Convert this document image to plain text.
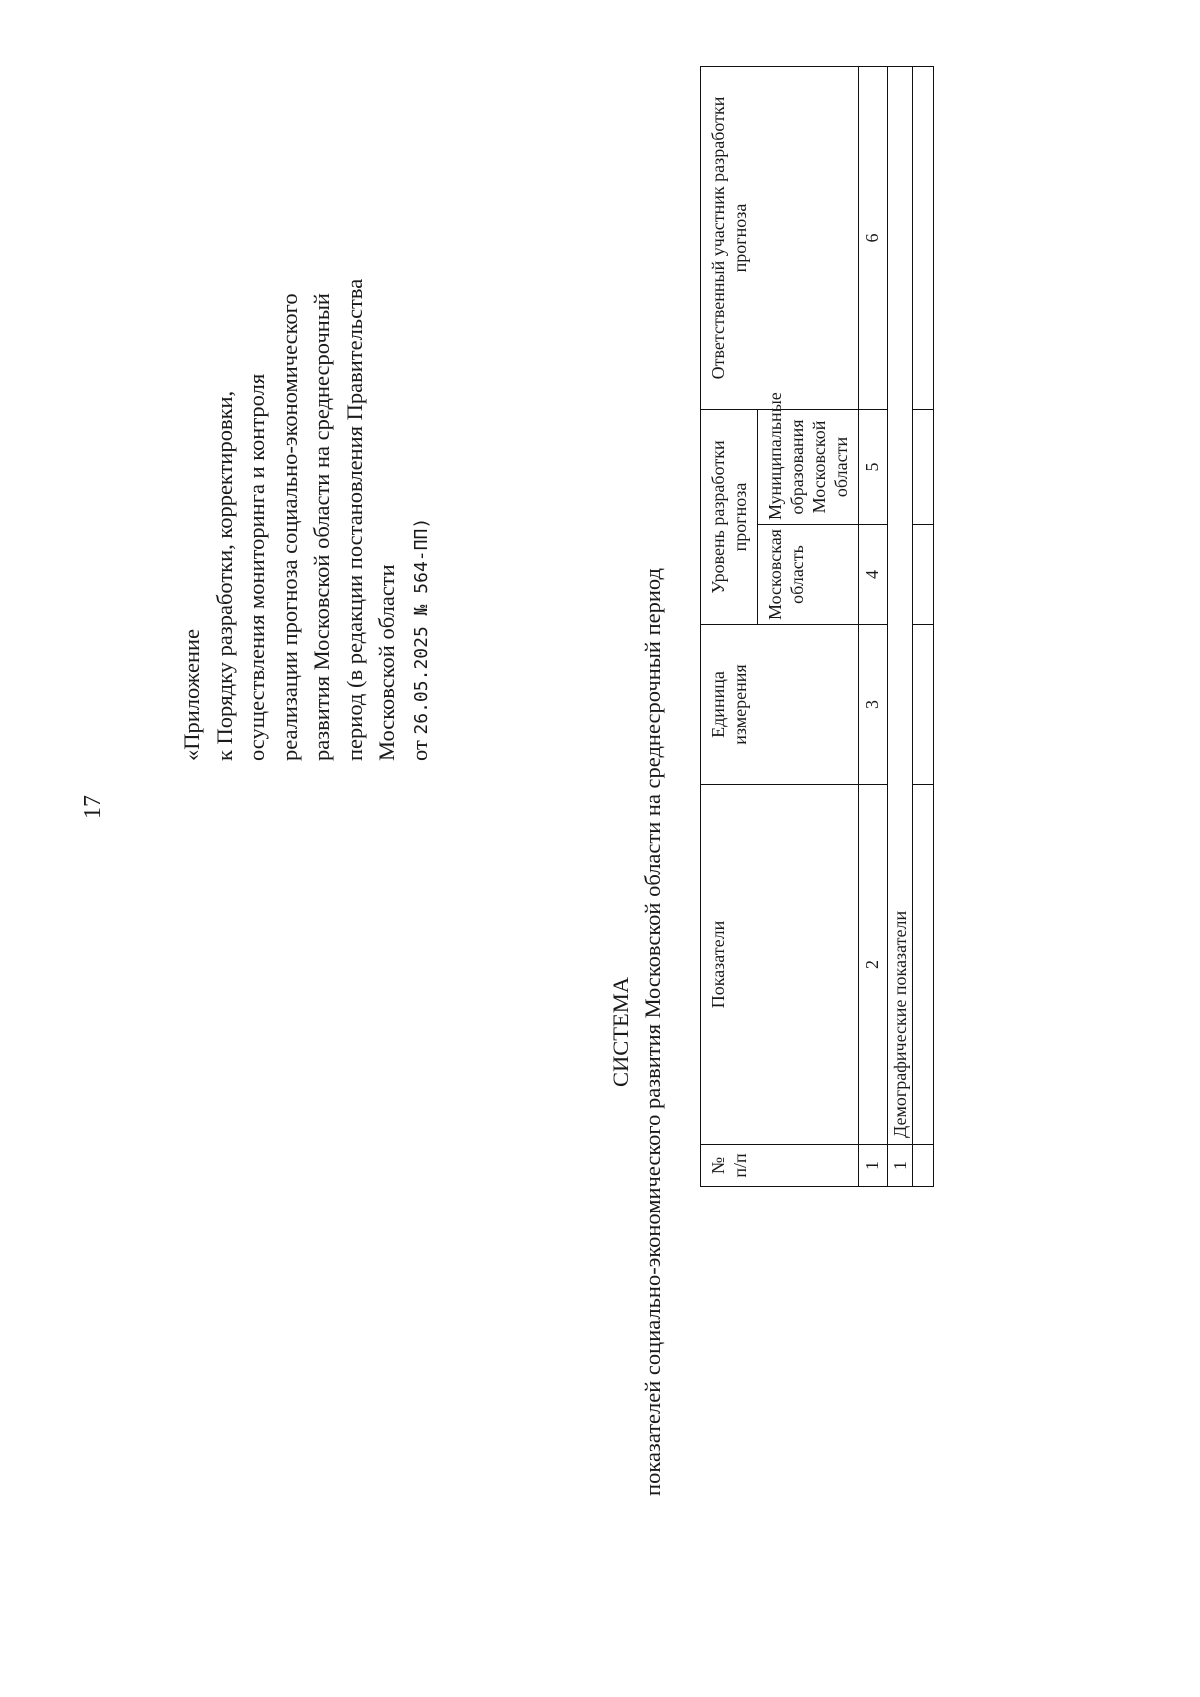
17
«Приложение к Порядку разработки, корректировки, осуществления мониторинга и контроля реализации прогноза социально-экономического развития Московской области на среднесрочный период (в редакции постановления Правительства Московской области от 26.05.2025 № 564-ПП)
СИСТЕМА показателей социально-экономического развития Московской области на среднесрочный период № п/п	Показатели	Единица измерения	Уровень разработки прогноза		Ответственный участник разработки прогноза
			Московская область	Муниципальные образования Московской области	
1	2	3	4	5	6
1	Демографические показатели				
